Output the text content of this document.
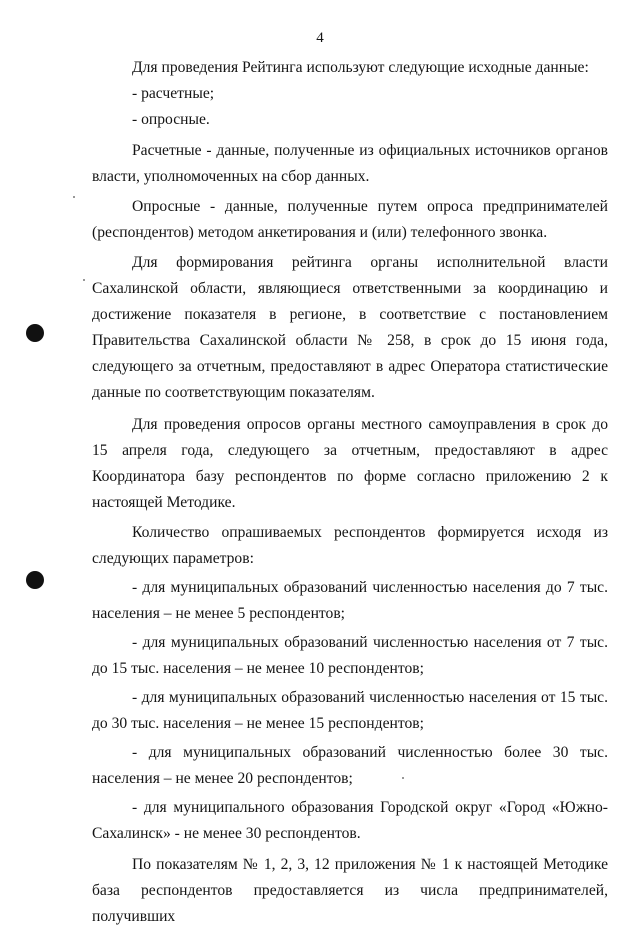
4

Для проведения Рейтинга используют следующие исходные данные:

- расчетные;

- опросные.

Расчетные - данные, полученные из официальных источников органов власти, уполномоченных на сбор данных.

Опросные - данные, полученные путем опроса предпринимателей (респондентов) методом анкетирования и (или) телефонного звонка.

Для формирования рейтинга органы исполнительной власти Сахалинской области, являющиеся ответственными за координацию и достижение показателя в регионе, в соответствие с постановлением Правительства Сахалинской области № 258, в срок до 15 июня года, следующего за отчетным, предоставляют в адрес Оператора статистические данные по соответствующим показателям.

Для проведения опросов органы местного самоуправления в срок до 15 апреля года, следующего за отчетным, предоставляют в адрес Координатора базу респондентов по форме согласно приложению 2 к настоящей Методике.

Количество опрашиваемых респондентов формируется исходя из следующих параметров:

- для муниципальных образований численностью населения до 7 тыс. населения – не менее 5 респондентов;

- для муниципальных образований численностью населения от 7 тыс. до 15 тыс. населения – не менее 10 респондентов;

- для муниципальных образований численностью населения от 15 тыс. до 30 тыс. населения – не менее 15 респондентов;

- для муниципальных образований численностью более 30 тыс. населения – не менее 20 респондентов;

- для муниципального образования Городской округ «Город «Южно-Сахалинск» - не менее 30 респондентов.

По показателям № 1, 2, 3, 12 приложения № 1 к настоящей Методике база респондентов предоставляется из числа предпринимателей, получивших
